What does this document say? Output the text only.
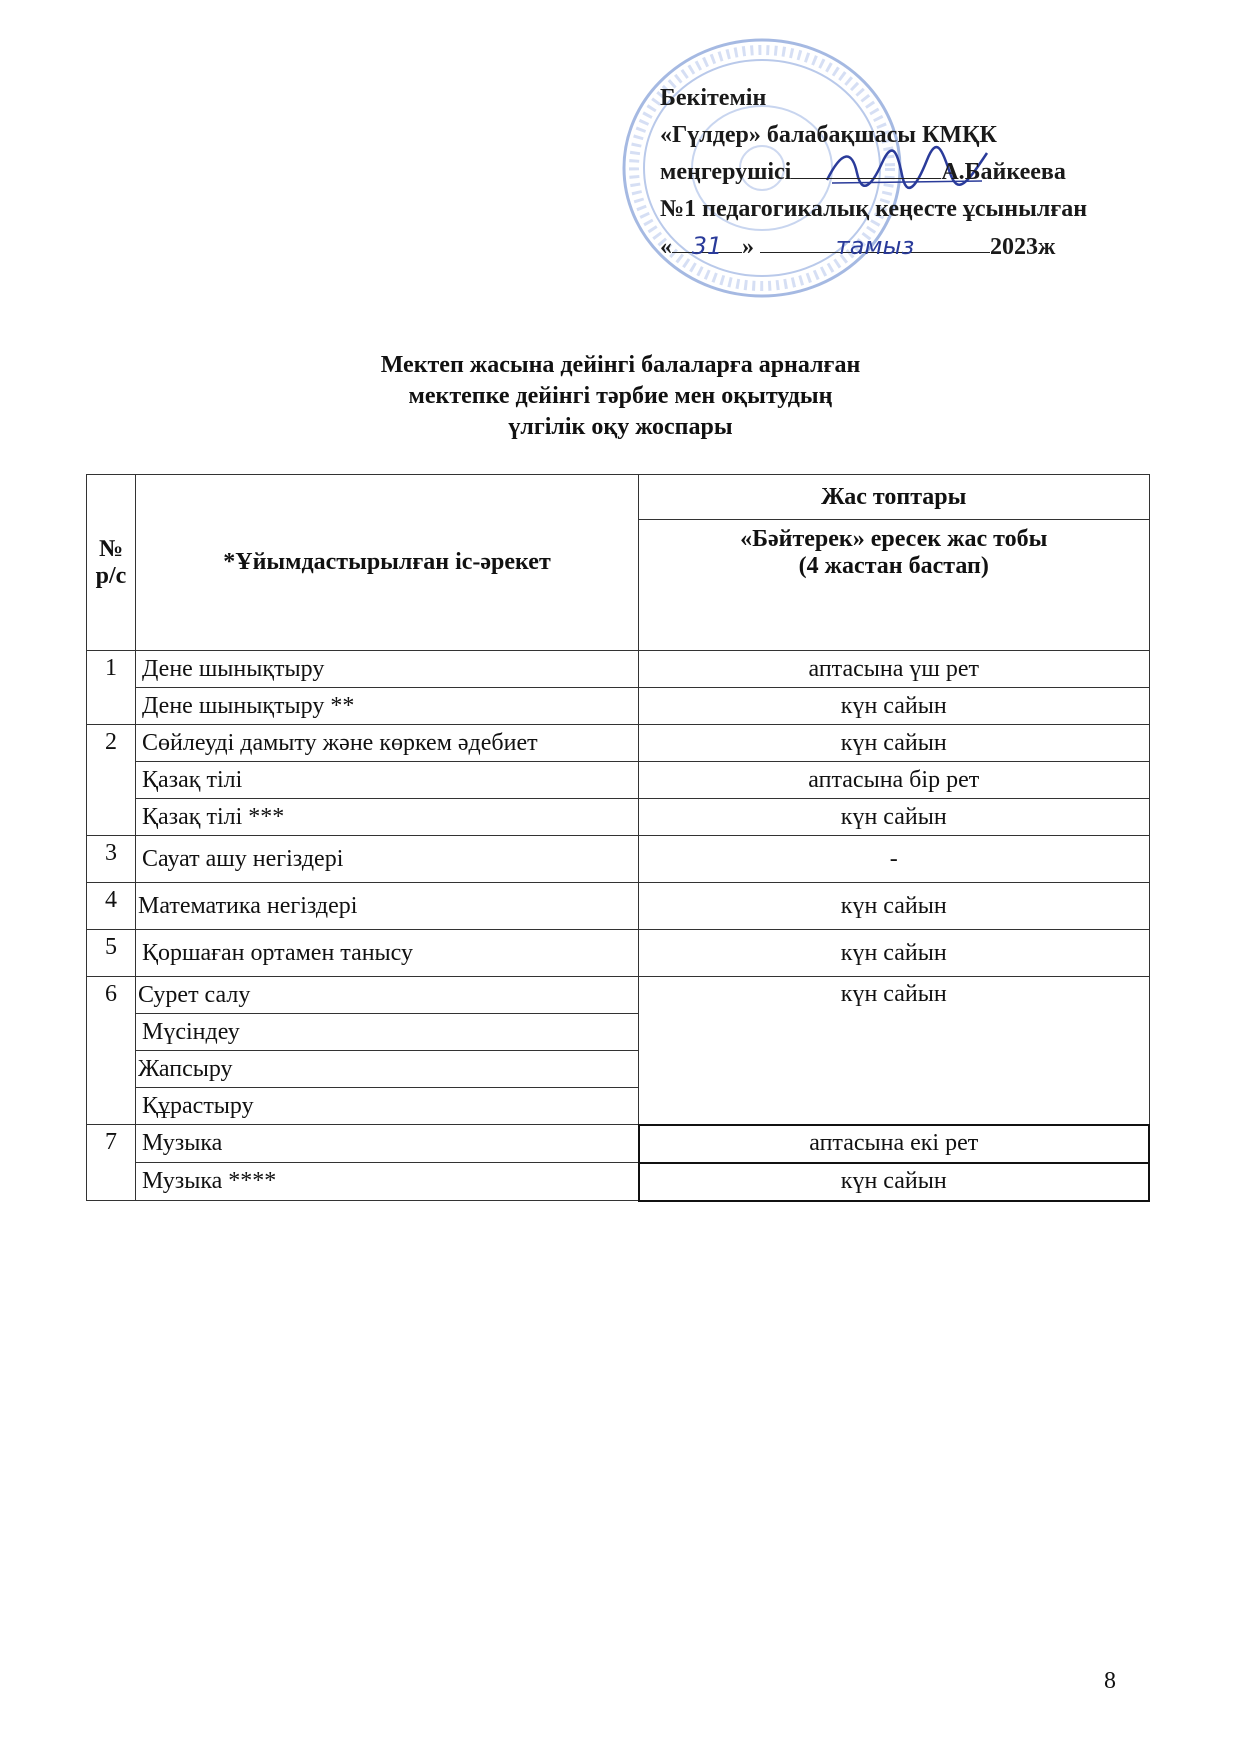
Бекітемін
«Гүлдер» балабақшасы КМҚК
меңгерушісі	А.Байкеева
№1 педагогикалық кеңесте ұсынылған
« 31 »	тамыз	2023ж
Мектеп жасына дейінгі балаларға арналған
мектепке дейінгі тәрбие мен оқытудың
үлгілік оқу жоспары
№
р/с	*Ұйымдастырылған іс-әрекет	Жас топтары

		«Бәйтерек» ересек жас тобы
(4 жастан бастап)

1	Дене шынықтыру	аптасына үш рет
	Дене шынықтыру **	күн сайын
2	Сөйлеуді дамыту және көркем әдебиет	күн сайын
	Қазақ тілі	аптасына бір рет
	Қазақ тілі ***	күн сайын
3	Сауат ашу негіздері	-
4	Математика негіздері	күн сайын
5	Қоршаған ортамен танысу	күн сайын
6	Сурет салу	күн сайын
	Мүсіндеу	
	Жапсыру	
	Құрастыру	
7	Музыка	аптасына екі рет
	Музыка ****	күн сайын
8
